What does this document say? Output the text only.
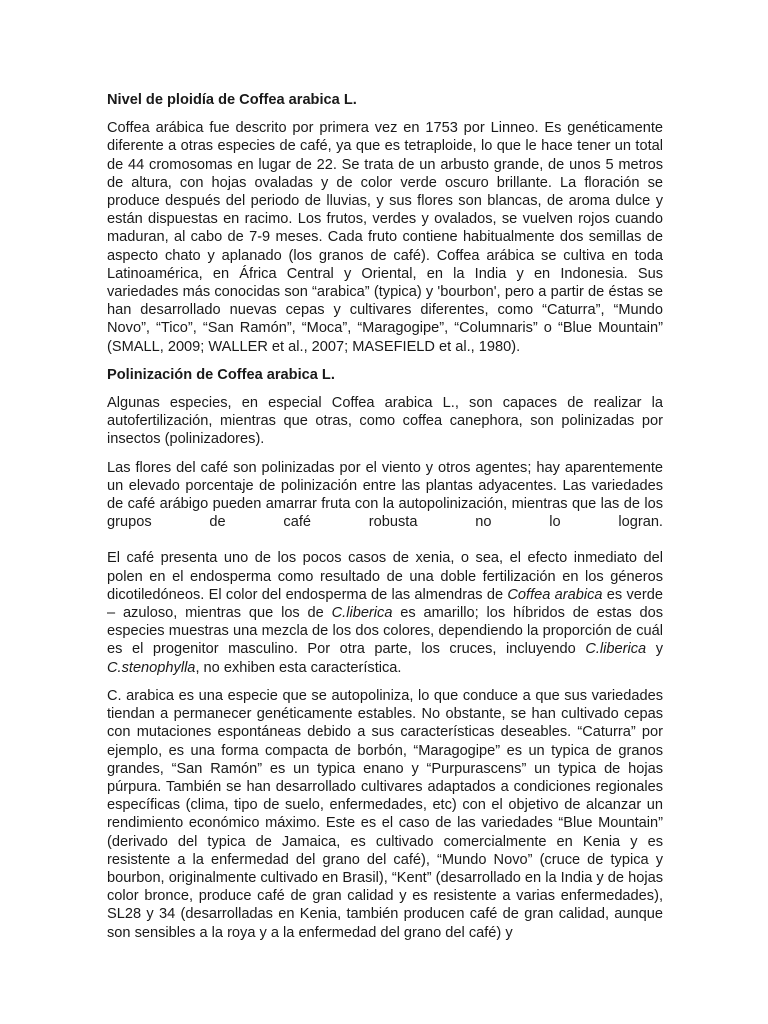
Nivel de ploidía de Coffea arabica L.

Coffea arábica fue descrito por primera vez en 1753 por Linneo. Es genéticamente diferente a otras especies de café, ya que es tetraploide, lo que le hace tener un total de 44 cromosomas en lugar de 22. Se trata de un arbusto grande, de unos 5 metros de altura, con hojas ovaladas y de color verde oscuro brillante. La floración se produce después del periodo de lluvias, y sus flores son blancas, de aroma dulce y están dispuestas en racimo. Los frutos, verdes y ovalados, se vuelven rojos cuando maduran, al cabo de 7-9 meses. Cada fruto contiene habitualmente dos semillas de aspecto chato y aplanado (los granos de café). Coffea arábica se cultiva en toda Latinoamérica, en África Central y Oriental, en la India y en Indonesia. Sus variedades más conocidas son “arabica” (typica) y 'bourbon', pero a partir de éstas se han desarrollado nuevas cepas y cultivares diferentes, como “Caturra”, “Mundo Novo”, “Tico”, “San Ramón”, “Moca”, “Maragogipe”, “Columnaris” o “Blue Mountain” (SMALL, 2009; WALLER et al., 2007; MASEFIELD et al., 1980).

Polinización de Coffea arabica L.

Algunas especies, en especial Coffea arabica L., son capaces de realizar la autofertilización, mientras que otras, como coffea canephora, son polinizadas por insectos (polinizadores).

Las flores del café son polinizadas por el viento y otros agentes; hay aparentemente un elevado porcentaje de polinización entre las plantas adyacentes. Las variedades de café arábigo pueden amarrar fruta con la autopolinización, mientras que las de los grupos de café robusta no lo logran.

El café presenta uno de los pocos casos de xenia, o sea, el efecto inmediato del polen en el endosperma como resultado de una doble fertilización en los géneros dicotiledóneos. El color del endosperma de las almendras de Coffea arabica es verde – azuloso, mientras que los de C.liberica es amarillo; los híbridos de estas dos especies muestras una mezcla de los dos colores, dependiendo la proporción de cuál es el progenitor masculino. Por otra parte, los cruces, incluyendo C.liberica y C.stenophylla, no exhiben esta característica.

C. arabica es una especie que se autopoliniza, lo que conduce a que sus variedades tiendan a permanecer genéticamente estables. No obstante, se han cultivado cepas con mutaciones espontáneas debido a sus características deseables. “Caturra” por ejemplo, es una forma compacta de borbón, “Maragogipe” es un typica de granos grandes, “San Ramón” es un typica enano y “Purpurascens” un typica de hojas púrpura. También se han desarrollado cultivares adaptados a condiciones regionales específicas (clima, tipo de suelo, enfermedades, etc) con el objetivo de alcanzar un rendimiento económico máximo. Este es el caso de las variedades “Blue Mountain” (derivado del typica de Jamaica, es cultivado comercialmente en Kenia y es resistente a la enfermedad del grano del café), “Mundo Novo” (cruce de typica y bourbon, originalmente cultivado en Brasil), “Kent” (desarrollado en la India y de hojas color bronce, produce café de gran calidad y es resistente a varias enfermedades), SL28 y 34 (desarrolladas en Kenia, también producen café de gran calidad, aunque son sensibles a la roya y a la enfermedad del grano del café) y
